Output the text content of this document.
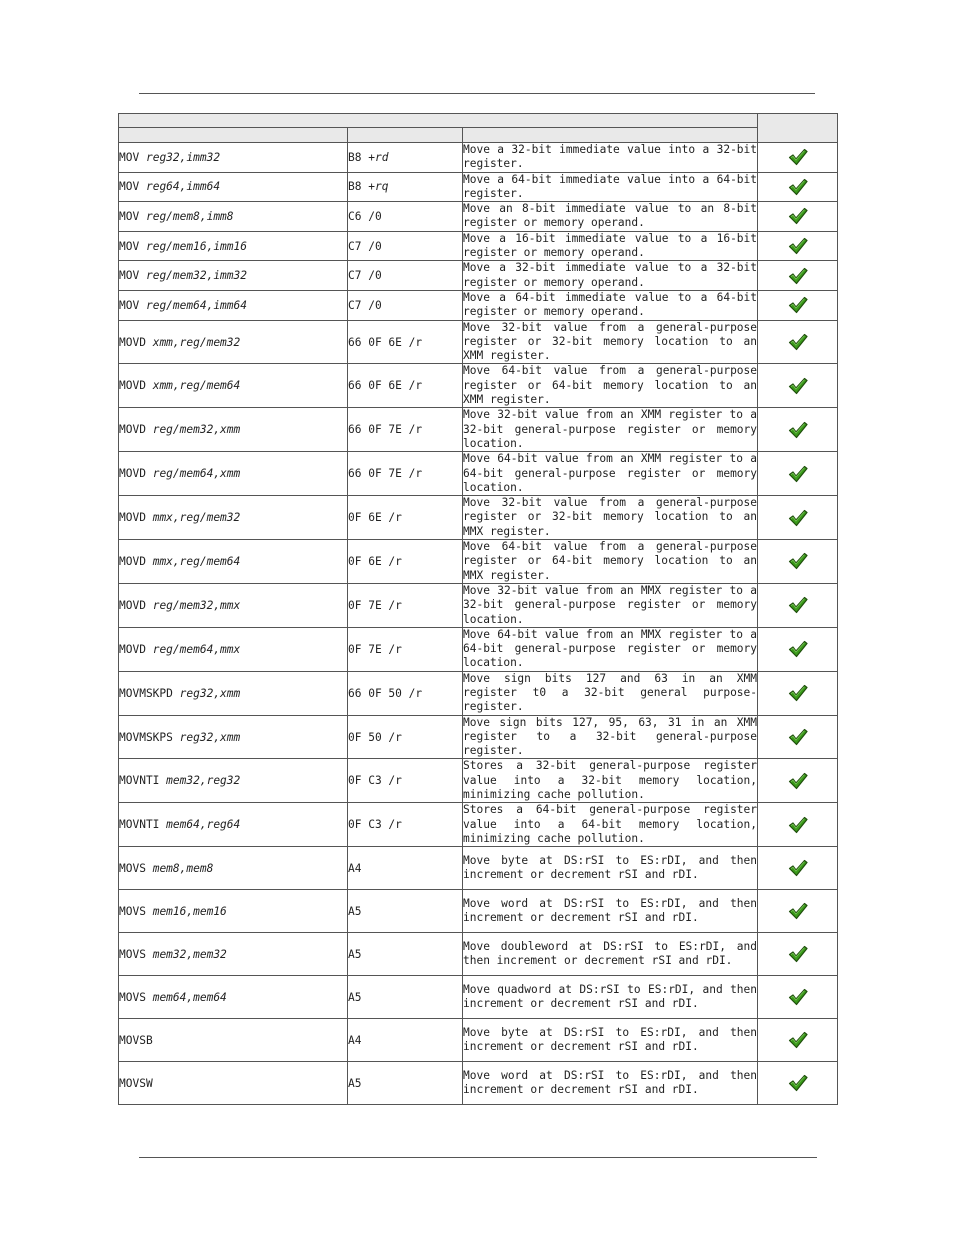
MOV reg32,imm32	B8 +rd	Move a 32-bit immediate value into a 32-bit register.	

MOV reg64,imm64	B8 +rq	Move a 64-bit immediate value into a 64-bit register.	

MOV reg/mem8,imm8	C6 /0	Move an 8-bit immediate value to an 8-bit register or memory operand.	

MOV reg/mem16,imm16	C7 /0	Move a 16-bit immediate value to a 16-bit register or memory operand.	

MOV reg/mem32,imm32	C7 /0	Move a 32-bit immediate value to a 32-bit register or memory operand.	

MOV reg/mem64,imm64	C7 /0	Move a 64-bit immediate value to a 64-bit register or memory operand.	

MOVD xmm,reg/mem32	66 0F 6E /r	Move 32-bit value from a general-purpose register or 32-bit memory location to an XMM register.	

MOVD xmm,reg/mem64	66 0F 6E /r	Move 64-bit value from a general-purpose register or 64-bit memory location to an XMM register.	

MOVD reg/mem32,xmm	66 0F 7E /r	Move 32-bit value from an XMM register to a 32-bit general-purpose register or memory location.	

MOVD reg/mem64,xmm	66 0F 7E /r	Move 64-bit value from an XMM register to a 64-bit general-purpose register or memory location.	

MOVD mmx,reg/mem32	0F 6E /r	Move 32-bit value from a general-purpose register or 32-bit memory location to an MMX register.	

MOVD mmx,reg/mem64	0F 6E /r	Move 64-bit value from a general-purpose register or 64-bit memory location to an MMX register.	

MOVD reg/mem32,mmx	0F 7E /r	Move 32-bit value from an MMX register to a 32-bit general-purpose register or memory location.	

MOVD reg/mem64,mmx	0F 7E /r	Move 64-bit value from an MMX register to a 64-bit general-purpose register or memory location.	

MOVMSKPD reg32,xmm	66 0F 50 /r	Move sign bits 127 and 63 in an XMM register t0 a 32-bit general purpose-register.	

MOVMSKPS reg32,xmm	0F 50 /r	Move sign bits 127, 95, 63, 31 in an XMM register to a 32-bit general-purpose register.	

MOVNTI mem32,reg32	0F C3 /r	Stores a 32-bit general-purpose register value into a 32-bit memory location, minimizing cache pollution.	

MOVNTI mem64,reg64	0F C3 /r	Stores a 64-bit general-purpose register value into a 64-bit memory location, minimizing cache pollution.	

MOVS mem8,mem8	A4	Move byte at DS:rSI to ES:rDI, and then increment or decrement rSI and rDI.	

MOVS mem16,mem16	A5	Move word at DS:rSI to ES:rDI, and then increment or decrement rSI and rDI.	

MOVS mem32,mem32	A5	Move doubleword at DS:rSI to ES:rDI, and then increment or decrement rSI and rDI.	

MOVS mem64,mem64	A5	Move quadword at DS:rSI to ES:rDI, and then increment or decrement rSI and rDI.	

MOVSB	A4	Move byte at DS:rSI to ES:rDI, and then increment or decrement rSI and rDI.	

MOVSW	A5	Move word at DS:rSI to ES:rDI, and then increment or decrement rSI and rDI.	
